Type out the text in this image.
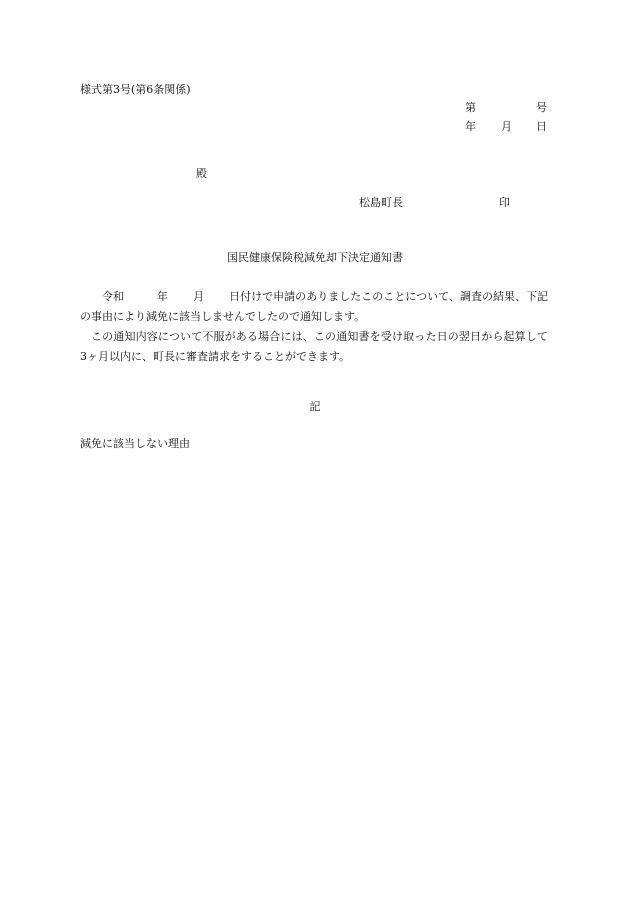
様式第3号(第6条関係)
第	号
年 月 日
殿
松島町長	印
国民健康保険税減免却下決定通知書
令和	年 月 日付けで申請のありましたこのことについて、調査の結果、下記の事由により減免に該当しませんでしたので通知します。
この通知内容について不服がある場合には、この通知書を受け取った日の翌日から起算して3ヶ月以内に、町長に審査請求をすることができます。
記
減免に該当しない理由
